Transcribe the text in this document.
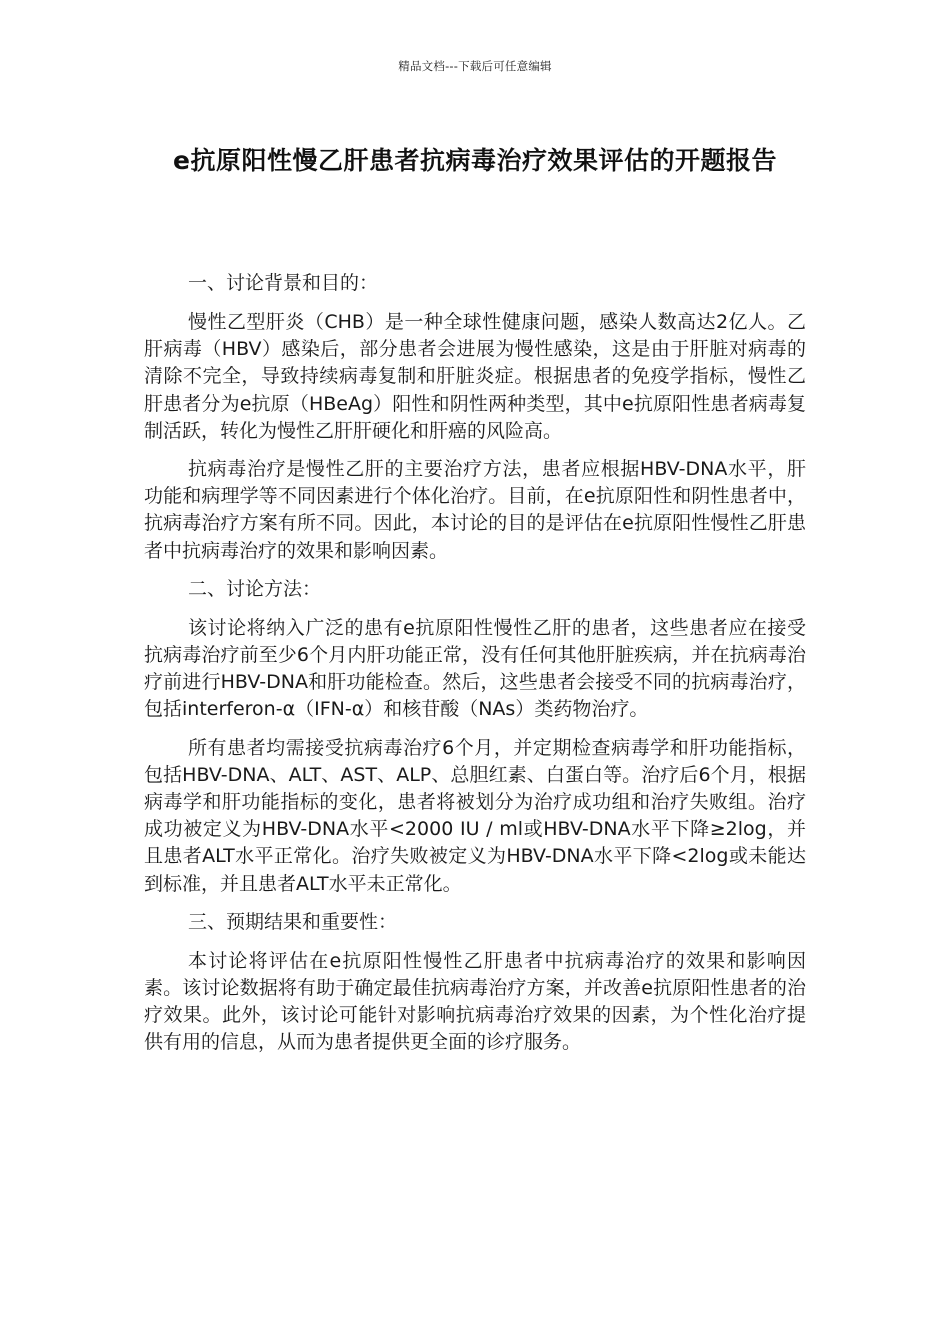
精品文档---下载后可任意编辑
e抗原阳性慢乙肝患者抗病毒治疗效果评估的开题报告
一、讨论背景和目的：

慢性乙型肝炎（CHB）是一种全球性健康问题，感染人数高达2亿人。乙肝病毒（HBV）感染后，部分患者会进展为慢性感染，这是由于肝脏对病毒的清除不完全，导致持续病毒复制和肝脏炎症。根据患者的免疫学指标，慢性乙肝患者分为e抗原（HBeAg）阳性和阴性两种类型，其中e抗原阳性患者病毒复制活跃，转化为慢性乙肝肝硬化和肝癌的风险高。

抗病毒治疗是慢性乙肝的主要治疗方法，患者应根据HBV-DNA水平，肝功能和病理学等不同因素进行个体化治疗。目前，在e抗原阳性和阴性患者中，抗病毒治疗方案有所不同。因此，本讨论的目的是评估在e抗原阳性慢性乙肝患者中抗病毒治疗的效果和影响因素。

二、讨论方法：

该讨论将纳入广泛的患有e抗原阳性慢性乙肝的患者，这些患者应在接受抗病毒治疗前至少6个月内肝功能正常，没有任何其他肝脏疾病，并在抗病毒治疗前进行HBV-DNA和肝功能检查。然后，这些患者会接受不同的抗病毒治疗，包括interferon-α（IFN-α）和核苷酸（NAs）类药物治疗。

所有患者均需接受抗病毒治疗6个月，并定期检查病毒学和肝功能指标，包括HBV-DNA、ALT、AST、ALP、总胆红素、白蛋白等。治疗后6个月，根据病毒学和肝功能指标的变化，患者将被划分为治疗成功组和治疗失败组。治疗成功被定义为HBV-DNA水平<2000 IU / ml或HBV-DNA水平下降≥2log，并且患者ALT水平正常化。治疗失败被定义为HBV-DNA水平下降<2log或未能达到标准，并且患者ALT水平未正常化。

三、预期结果和重要性：

本讨论将评估在e抗原阳性慢性乙肝患者中抗病毒治疗的效果和影响因素。该讨论数据将有助于确定最佳抗病毒治疗方案，并改善e抗原阳性患者的治疗效果。此外，该讨论可能针对影响抗病毒治疗效果的因素，为个性化治疗提供有用的信息，从而为患者提供更全面的诊疗服务。
